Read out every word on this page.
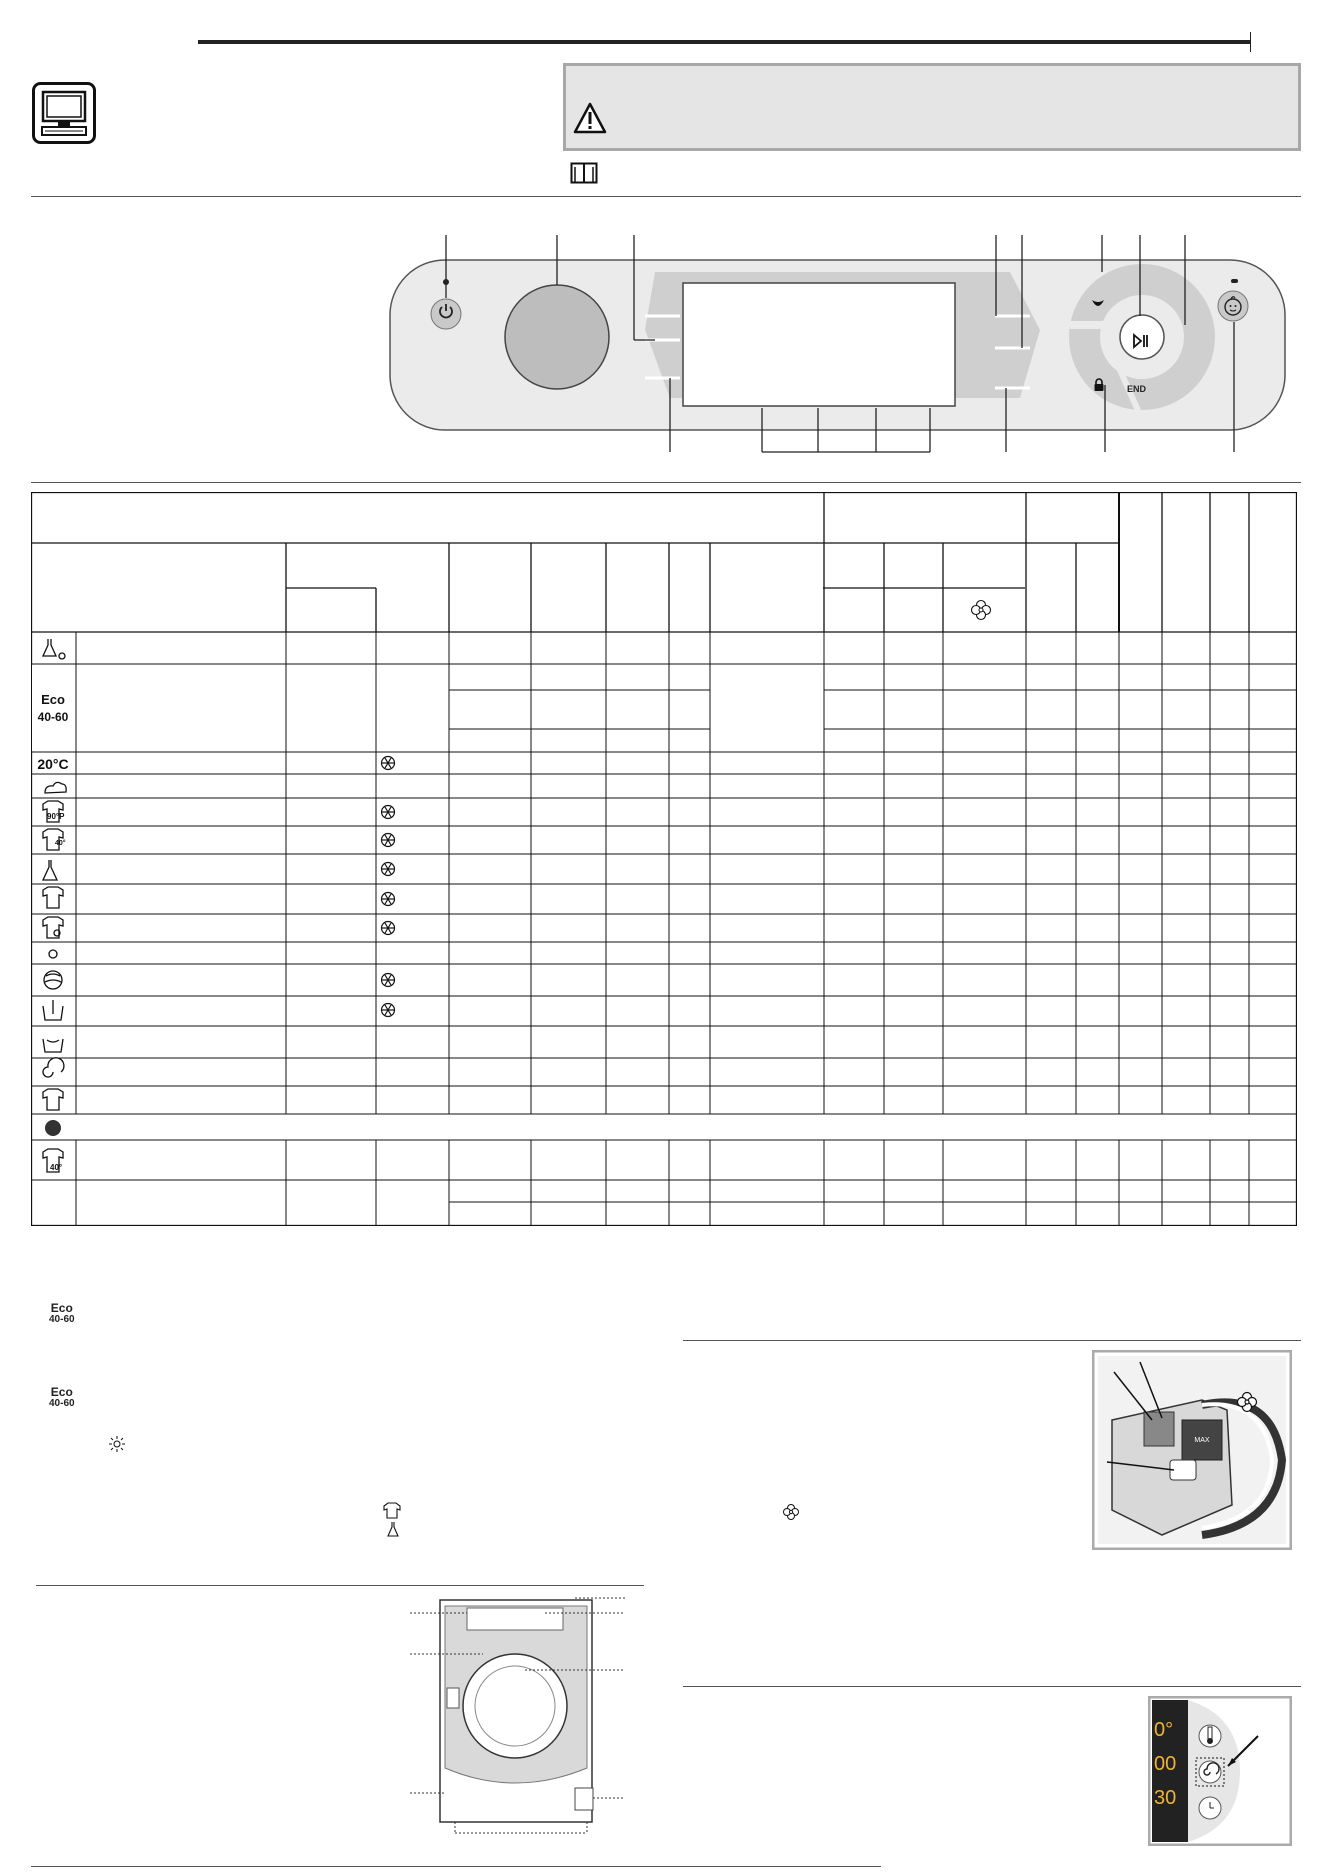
END
40°
90°P
40°
Eco
40-60
20°C
Eco
40-60
Eco
40-60
MAX
0°
00
30
